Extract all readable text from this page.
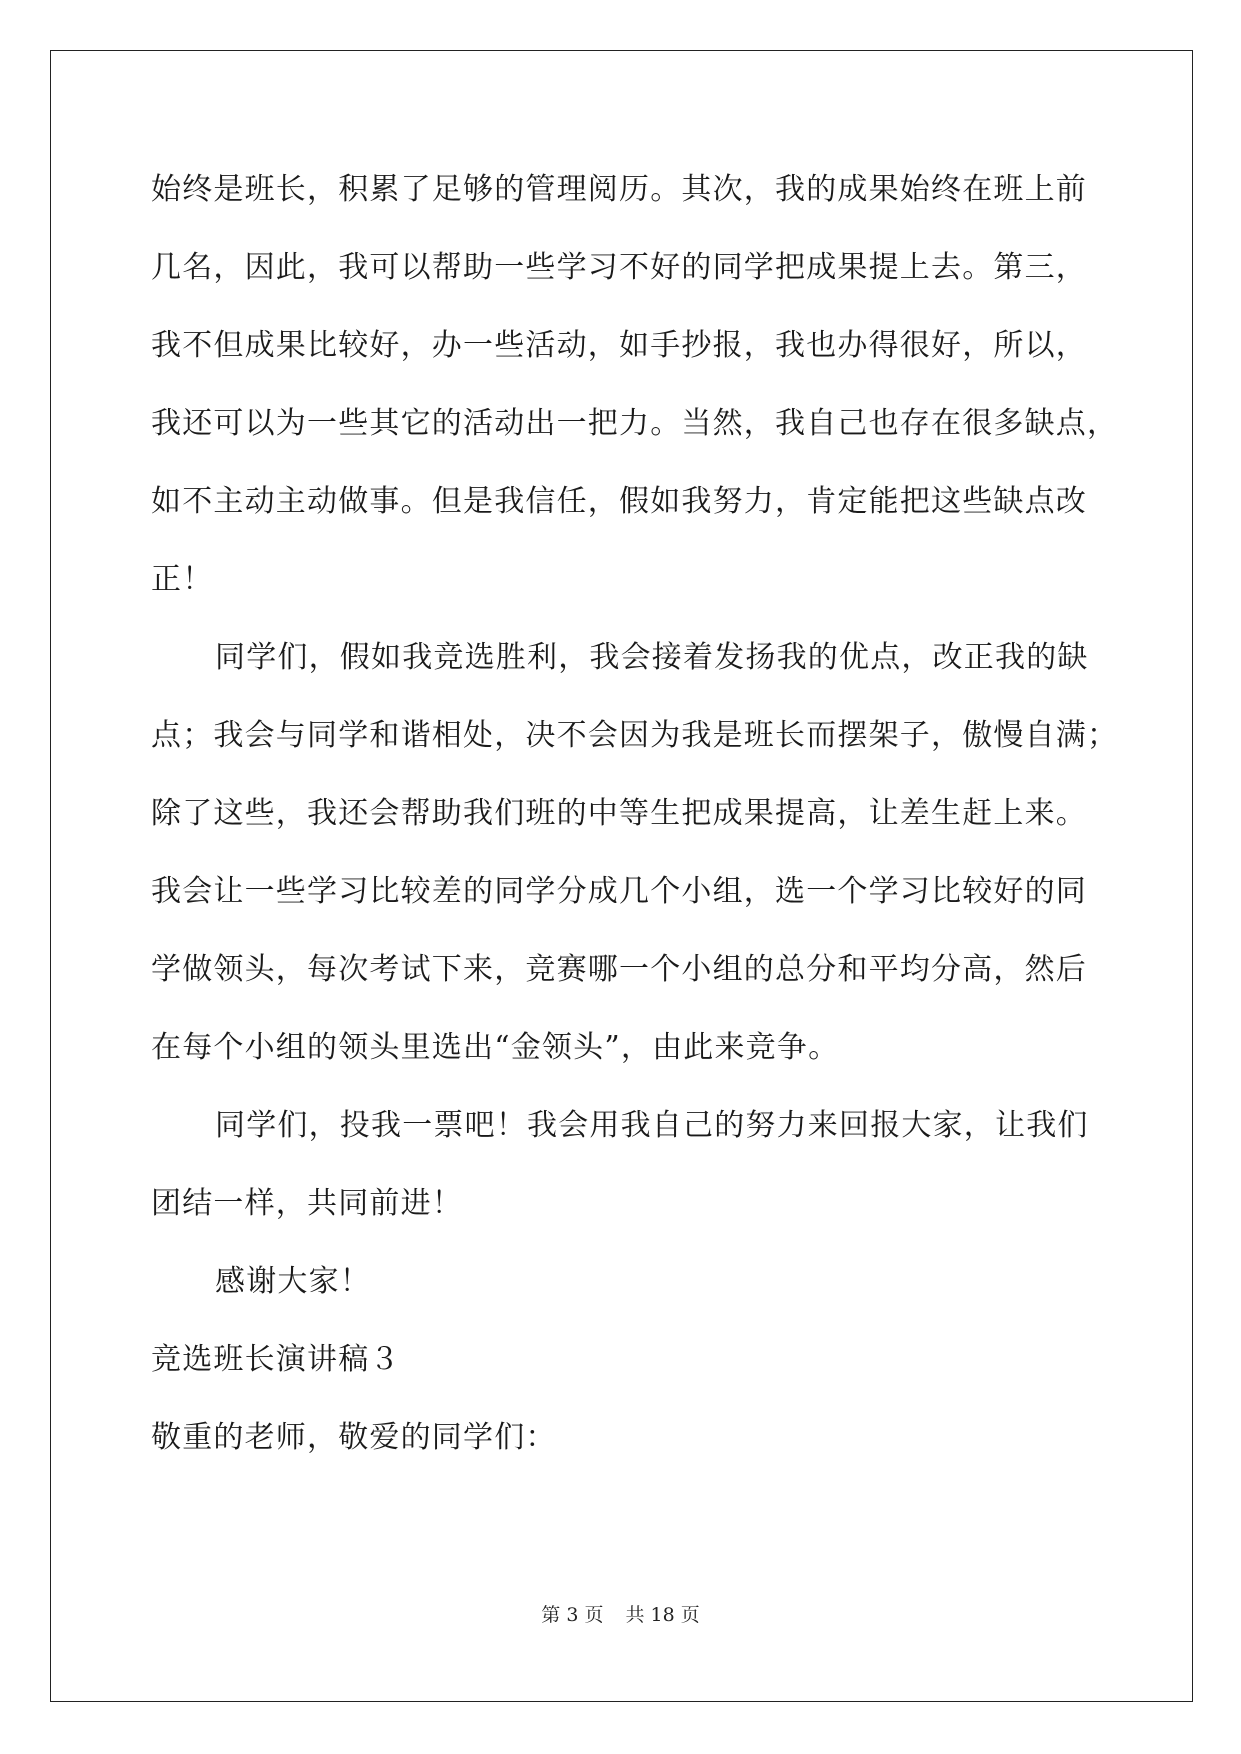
始终是班长，积累了足够的管理阅历。其次，我的成果始终在班上前

几名，因此，我可以帮助一些学习不好的同学把成果提上去。第三，

我不但成果比较好，办一些活动，如手抄报，我也办得很好，所以，

我还可以为一些其它的活动出一把力。当然，我自己也存在很多缺点，

如不主动主动做事。但是我信任，假如我努力，肯定能把这些缺点改

正！

同学们，假如我竞选胜利，我会接着发扬我的优点，改正我的缺

点；我会与同学和谐相处，决不会因为我是班长而摆架子，傲慢自满；

除了这些，我还会帮助我们班的中等生把成果提高，让差生赶上来。

我会让一些学习比较差的同学分成几个小组，选一个学习比较好的同

学做领头，每次考试下来，竞赛哪一个小组的总分和平均分高，然后

在每个小组的领头里选出“金领头”，由此来竞争。

同学们，投我一票吧！我会用我自己的努力来回报大家，让我们

团结一样，共同前进！

感谢大家！

竞选班长演讲稿３

敬重的老师，敬爱的同学们：

第 3 页 共 18 页
